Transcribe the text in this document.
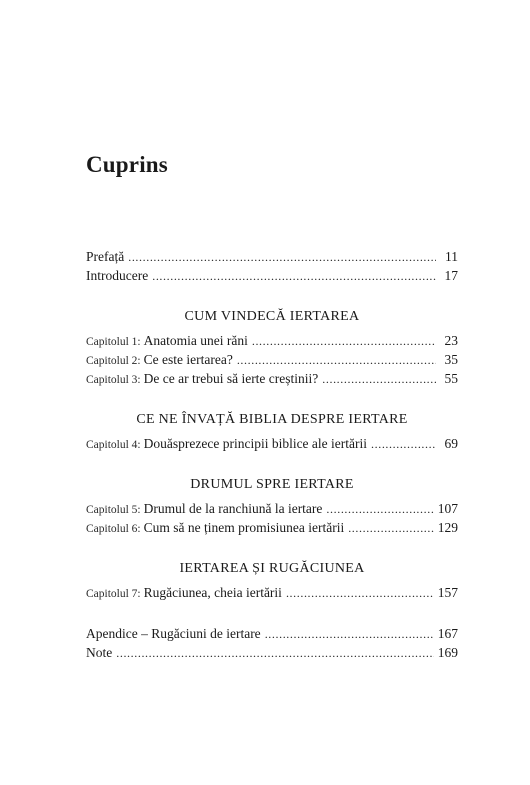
Cuprins
Prefață . . .	11
Introducere . . .	17
CUM VINDECĂ IERTAREA
Capitolul 1: Anatomia unei răni . . .	23
Capitolul 2: Ce este iertarea? . . .	35
Capitolul 3: De ce ar trebui să ierte creștinii? . . .	55
CE NE ÎNVAȚĂ BIBLIA DESPRE IERTARE
Capitolul 4: Douăsprezece principii biblice ale iertării . . .	69
DRUMUL SPRE IERTARE
Capitolul 5: Drumul de la ranchiună la iertare . . .	107
Capitolul 6: Cum să ne ținem promisiunea iertării . . .	129
IERTAREA ȘI RUGĂCIUNEA
Capitolul 7: Rugăciunea, cheia iertării . . .	157
Apendice – Rugăciuni de iertare . . .	167
Note . . .	169
